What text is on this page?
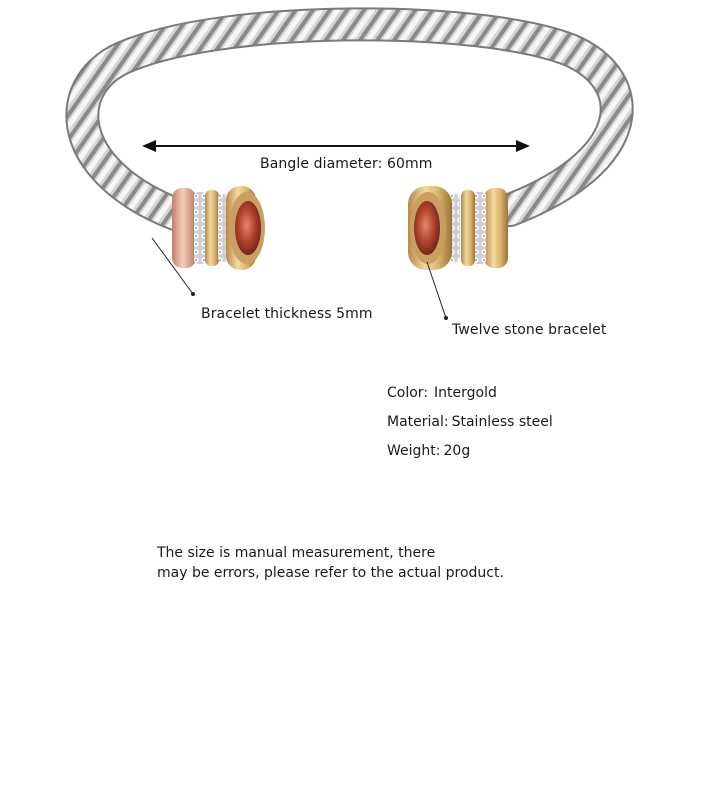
Bangle diameter: 60mm
Bracelet thickness 5mm
Twelve stone bracelet
Color: Intergold
Material: Stainless steel
Weight: 20g
The size is manual measurement, there
may be errors, please refer to the actual product.
